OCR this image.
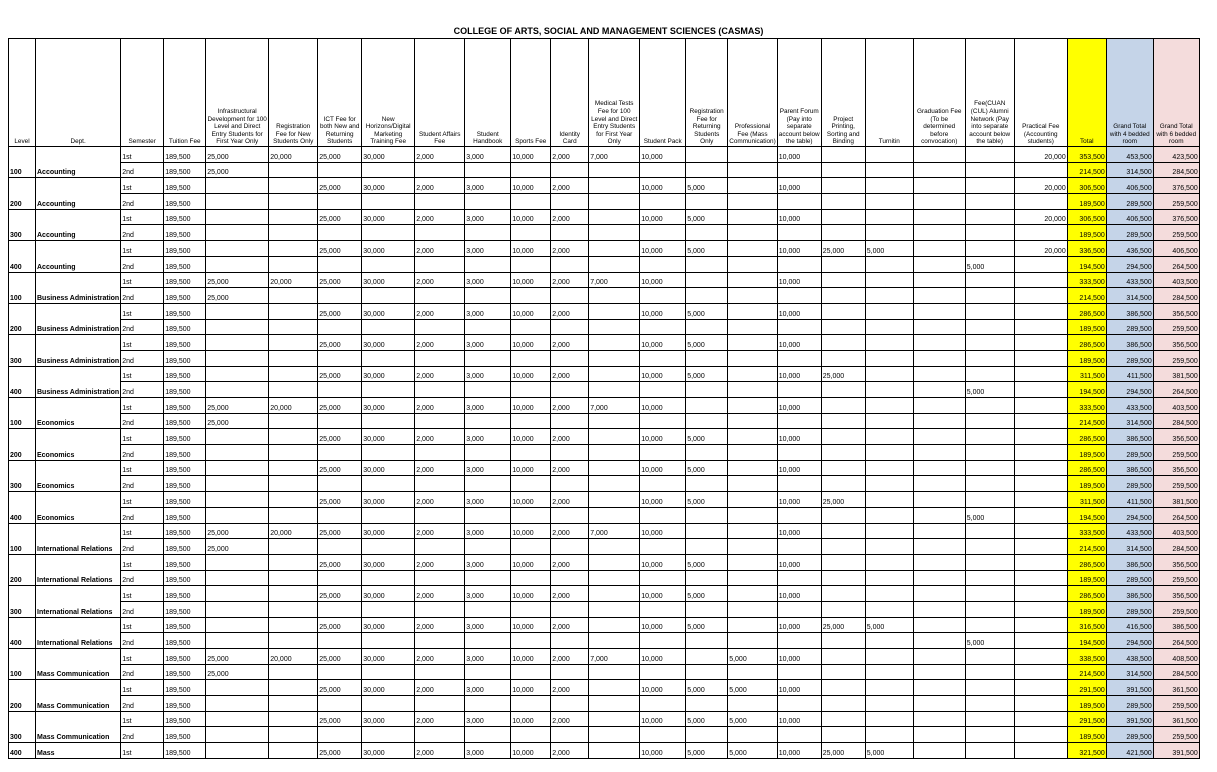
COLLEGE OF ARTS, SOCIAL AND MANAGEMENT SCIENCES (CASMAS)
Level	Dept.	Semester	Tuition Fee	Infrastructural Development for 100 Level and Direct Entry Students for First Year Only	Registration Fee for New Students Only	ICT Fee for both New and Returning Students	New Horizons/Digital Marketing Training Fee	Student Affairs Fee	Student Handbook	Sports Fee	Identity Card	Medical Tests Fee for 100 Level and Direct Entry Students for First Year Only	Student Pack	Registration Fee for Returning Students Only	Professional Fee (Mass Communication)	Parent Forum (Pay into separate account below the table)	Project Printing, Sorting and Binding	Turnitin	Graduation Fee (To be determined before convocation)	Fee(CUAN (CUL) Alumni Network (Pay into separate account below the table)	Practical Fee (Accounting students)	Total	Grand Total with 4 bedded room	Grand Total with 6 bedded room
100	Accounting	1st	189,500	25,000	20,000	25,000	30,000	2,000	3,000	10,000	2,000	7,000	10,000			10,000					20,000	353,500	453,500	423,500
		2nd	189,500	25,000																		214,500	314,500	284,500
200	Accounting	1st	189,500			25,000	30,000	2,000	3,000	10,000	2,000		10,000	5,000		10,000					20,000	306,500	406,500	376,500
		2nd	189,500																			189,500	289,500	259,500
300	Accounting	1st	189,500			25,000	30,000	2,000	3,000	10,000	2,000		10,000	5,000		10,000					20,000	306,500	406,500	376,500
		2nd	189,500																			189,500	289,500	259,500
400	Accounting	1st	189,500			25,000	30,000	2,000	3,000	10,000	2,000		10,000	5,000		10,000	25,000	5,000			20,000	336,500	436,500	406,500
		2nd	189,500																	5,000		194,500	294,500	264,500
100	Business Administration	1st	189,500	25,000	20,000	25,000	30,000	2,000	3,000	10,000	2,000	7,000	10,000			10,000						333,500	433,500	403,500
		2nd	189,500	25,000																		214,500	314,500	284,500
200	Business Administration	1st	189,500			25,000	30,000	2,000	3,000	10,000	2,000		10,000	5,000		10,000						286,500	386,500	356,500
		2nd	189,500																			189,500	289,500	259,500
300	Business Administration	1st	189,500			25,000	30,000	2,000	3,000	10,000	2,000		10,000	5,000		10,000						286,500	386,500	356,500
		2nd	189,500																			189,500	289,500	259,500
400	Business Administration	1st	189,500			25,000	30,000	2,000	3,000	10,000	2,000		10,000	5,000		10,000	25,000					311,500	411,500	381,500
		2nd	189,500																	5,000		194,500	294,500	264,500
100	Economics	1st	189,500	25,000	20,000	25,000	30,000	2,000	3,000	10,000	2,000	7,000	10,000			10,000						333,500	433,500	403,500
		2nd	189,500	25,000																		214,500	314,500	284,500
200	Economics	1st	189,500			25,000	30,000	2,000	3,000	10,000	2,000		10,000	5,000		10,000						286,500	386,500	356,500
		2nd	189,500																			189,500	289,500	259,500
300	Economics	1st	189,500			25,000	30,000	2,000	3,000	10,000	2,000		10,000	5,000		10,000						286,500	386,500	356,500
		2nd	189,500																			189,500	289,500	259,500
400	Economics	1st	189,500			25,000	30,000	2,000	3,000	10,000	2,000		10,000	5,000		10,000	25,000					311,500	411,500	381,500
		2nd	189,500																	5,000		194,500	294,500	264,500
100	International Relations	1st	189,500	25,000	20,000	25,000	30,000	2,000	3,000	10,000	2,000	7,000	10,000			10,000						333,500	433,500	403,500
		2nd	189,500	25,000																		214,500	314,500	284,500
200	International Relations	1st	189,500			25,000	30,000	2,000	3,000	10,000	2,000		10,000	5,000		10,000						286,500	386,500	356,500
		2nd	189,500																			189,500	289,500	259,500
300	International Relations	1st	189,500			25,000	30,000	2,000	3,000	10,000	2,000		10,000	5,000		10,000						286,500	386,500	356,500
		2nd	189,500																			189,500	289,500	259,500
400	International Relations	1st	189,500			25,000	30,000	2,000	3,000	10,000	2,000		10,000	5,000		10,000	25,000	5,000				316,500	416,500	386,500
		2nd	189,500																	5,000		194,500	294,500	264,500
100	Mass Communication	1st	189,500	25,000	20,000	25,000	30,000	2,000	3,000	10,000	2,000	7,000	10,000		5,000	10,000						338,500	438,500	408,500
		2nd	189,500	25,000																		214,500	314,500	284,500
200	Mass Communication	1st	189,500			25,000	30,000	2,000	3,000	10,000	2,000		10,000	5,000	5,000	10,000						291,500	391,500	361,500
		2nd	189,500																			189,500	289,500	259,500
300	Mass Communication	1st	189,500			25,000	30,000	2,000	3,000	10,000	2,000		10,000	5,000	5,000	10,000						291,500	391,500	361,500
		2nd	189,500																			189,500	289,500	259,500
400	Mass	1st	189,500			25,000	30,000	2,000	3,000	10,000	2,000		10,000	5,000	5,000	10,000	25,000	5,000				321,500	421,500	391,500
